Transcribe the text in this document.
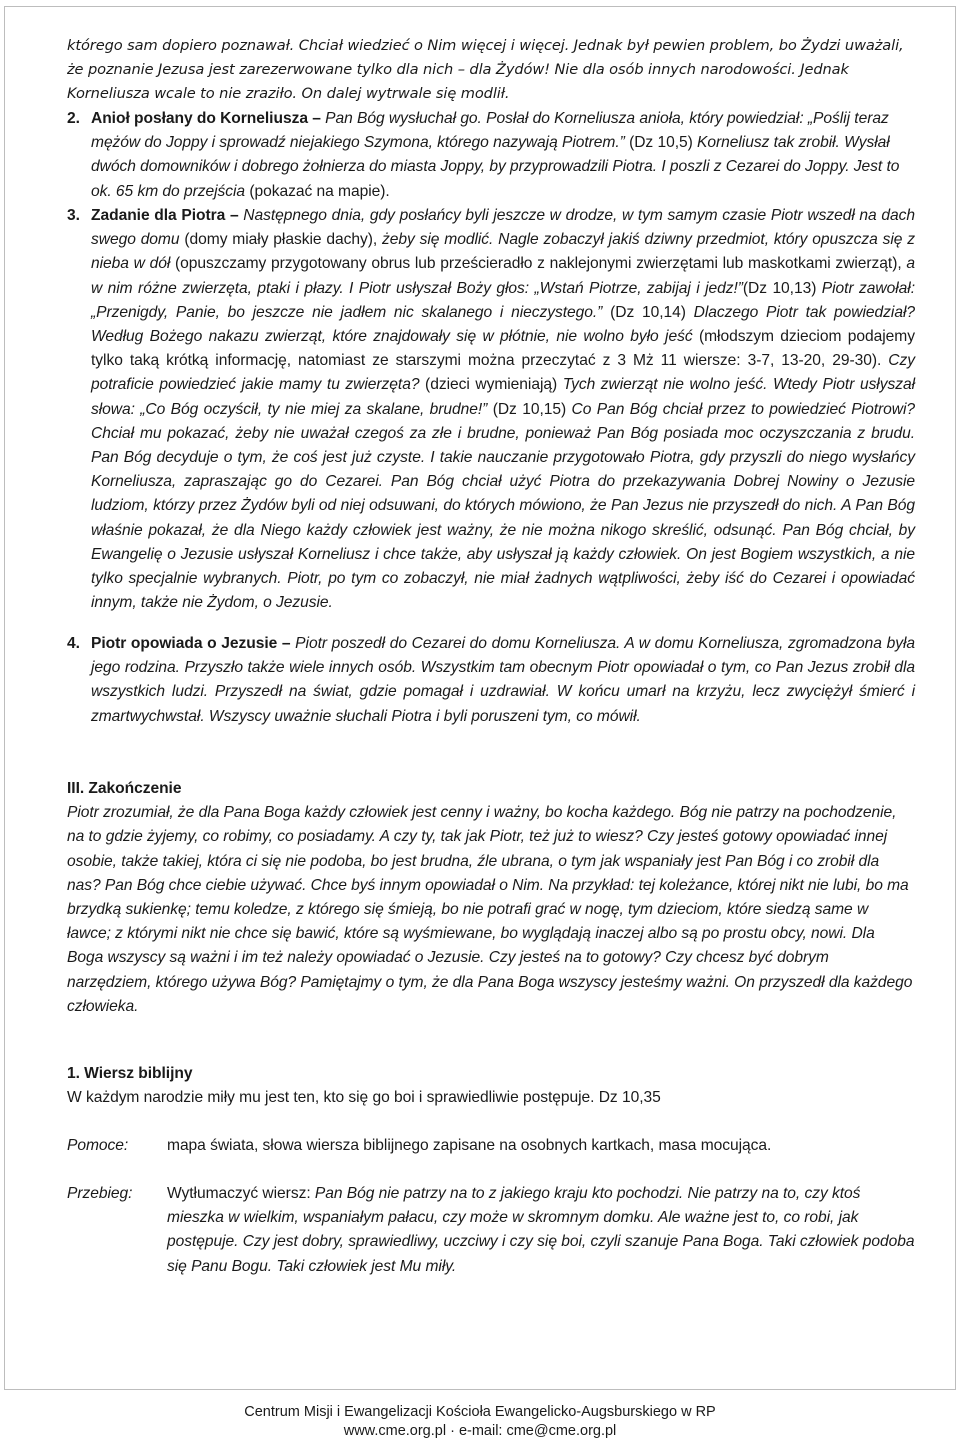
którego sam dopiero poznawał. Chciał wiedzieć o Nim więcej i więcej. Jednak był pewien problem, bo Żydzi uważali, że poznanie Jezusa jest zarezerwowane tylko dla nich – dla Żydów! Nie dla osób innych narodowości. Jednak Korneliusza wcale to nie zraziło. On dalej wytrwale się modlił.

2. Anioł posłany do Korneliusza – Pan Bóg wysłuchał go. Posłał do Korneliusza anioła, który powiedział: „Poślij teraz mężów do Joppy i sprowadź niejakiego Szymona, którego nazywają Piotrem.” (Dz 10,5) Korneliusz tak zrobił. Wysłał dwóch domowników i dobrego żołnierza do miasta Joppy, by przyprowadzili Piotra. I poszli z Cezarei do Joppy. Jest to ok. 65 km do przejścia (pokazać na mapie).
3. Zadanie dla Piotra – Następnego dnia, gdy posłańcy byli jeszcze w drodze, w tym samym czasie Piotr wszedł na dach swego domu (domy miały płaskie dachy), żeby się modlić. Nagle zobaczył jakiś dziwny przedmiot, który opuszcza się z nieba w dół (opuszczamy przygotowany obrus lub prześcieradło z naklejonymi zwierzętami lub maskotkami zwierząt), a w nim różne zwierzęta, ptaki i płazy. I Piotr usłyszał Boży głos: „Wstań Piotrze, zabijaj i jedz!”(Dz 10,13) Piotr zawołał: „Przenigdy, Panie, bo jeszcze nie jadłem nic skalanego i nieczystego.” (Dz 10,14) Dlaczego Piotr tak powiedział? Według Bożego nakazu zwierząt, które znajdowały się w płótnie, nie wolno było jeść (młodszym dzieciom podajemy tylko taką krótką informację, natomiast ze starszymi można przeczytać z 3 Mż 11 wiersze: 3-7, 13-20, 29-30). Czy potraficie powiedzieć jakie mamy tu zwierzęta? (dzieci wymieniają) Tych zwierząt nie wolno jeść. Wtedy Piotr usłyszał słowa: „Co Bóg oczyścił, ty nie miej za skalane, brudne!” (Dz 10,15) Co Pan Bóg chciał przez to powiedzieć Piotrowi? Chciał mu pokazać, żeby nie uważał czegoś za złe i brudne, ponieważ Pan Bóg posiada moc oczyszczania z brudu. Pan Bóg decyduje o tym, że coś jest już czyste. I takie nauczanie przygotowało Piotra, gdy przyszli do niego wysłańcy Korneliusza, zapraszając go do Cezarei. Pan Bóg chciał użyć Piotra do przekazywania Dobrej Nowiny o Jezusie ludziom, którzy przez Żydów byli od niej odsuwani, do których mówiono, że Pan Jezus nie przyszedł do nich. A Pan Bóg właśnie pokazał, że dla Niego każdy człowiek jest ważny, że nie można nikogo skreślić, odsunąć. Pan Bóg chciał, by Ewangelię o Jezusie usłyszał Korneliusz i chce także, aby usłyszał ją każdy człowiek. On jest Bogiem wszystkich, a nie tylko specjalnie wybranych. Piotr, po tym co zobaczył, nie miał żadnych wątpliwości, żeby iść do Cezarei i opowiadać innym, także nie Żydom, o Jezusie.
4. Piotr opowiada o Jezusie – Piotr poszedł do Cezarei do domu Korneliusza. A w domu Korneliusza, zgromadzona była jego rodzina. Przyszło także wiele innych osób. Wszystkim tam obecnym Piotr opowiadał o tym, co Pan Jezus zrobił dla wszystkich ludzi. Przyszedł na świat, gdzie pomagał i uzdrawiał. W końcu umarł na krzyżu, lecz zwyciężył śmierć i zmartwychwstał. Wszyscy uważnie słuchali Piotra i byli poruszeni tym, co mówił.
III. Zakończenie

Piotr zrozumiał, że dla Pana Boga każdy człowiek jest cenny i ważny, bo kocha każdego. Bóg nie patrzy na pochodzenie, na to gdzie żyjemy, co robimy, co posiadamy. A czy ty, tak jak Piotr, też już to wiesz? Czy jesteś gotowy opowiadać innej osobie, także takiej, która ci się nie podoba, bo jest brudna, źle ubrana, o tym jak wspaniały jest Pan Bóg i co zrobił dla nas? Pan Bóg chce ciebie używać. Chce byś innym opowiadał o Nim. Na przykład: tej koleżance, której nikt nie lubi, bo ma brzydką sukienkę; temu koledze, z którego się śmieją, bo nie potrafi grać w nogę, tym dzieciom, które siedzą same w ławce; z którymi nikt nie chce się bawić, które są wyśmiewane, bo wyglądają inaczej albo są po prostu obcy, nowi. Dla Boga wszyscy są ważni i im też należy opowiadać o Jezusie. Czy jesteś na to gotowy? Czy chcesz być dobrym narzędziem, którego używa Bóg? Pamiętajmy o tym, że dla Pana Boga wszyscy jesteśmy ważni. On przyszedł dla każdego człowieka.

1. Wiersz biblijny
W każdym narodzie miły mu jest ten, kto się go boi i sprawiedliwie postępuje. Dz 10,35
Pomoce:	mapa świata, słowa wiersza biblijnego zapisane na osobnych kartkach, masa mocująca.
Przebieg:	Wytłumaczyć wiersz: Pan Bóg nie patrzy na to z jakiego kraju kto pochodzi. Nie patrzy na to, czy ktoś mieszka w wielkim, wspaniałym pałacu, czy może w skromnym domku. Ale ważne jest to, co robi, jak postępuje. Czy jest dobry, sprawiedliwy, uczciwy i czy się boi, czyli szanuje Pana Boga. Taki człowiek podoba się Panu Bogu. Taki człowiek jest Mu miły.
Centrum Misji i Ewangelizacji Kościoła Ewangelicko-Augsburskiego w RP
www.cme.org.pl · e-mail: cme@cme.org.pl
